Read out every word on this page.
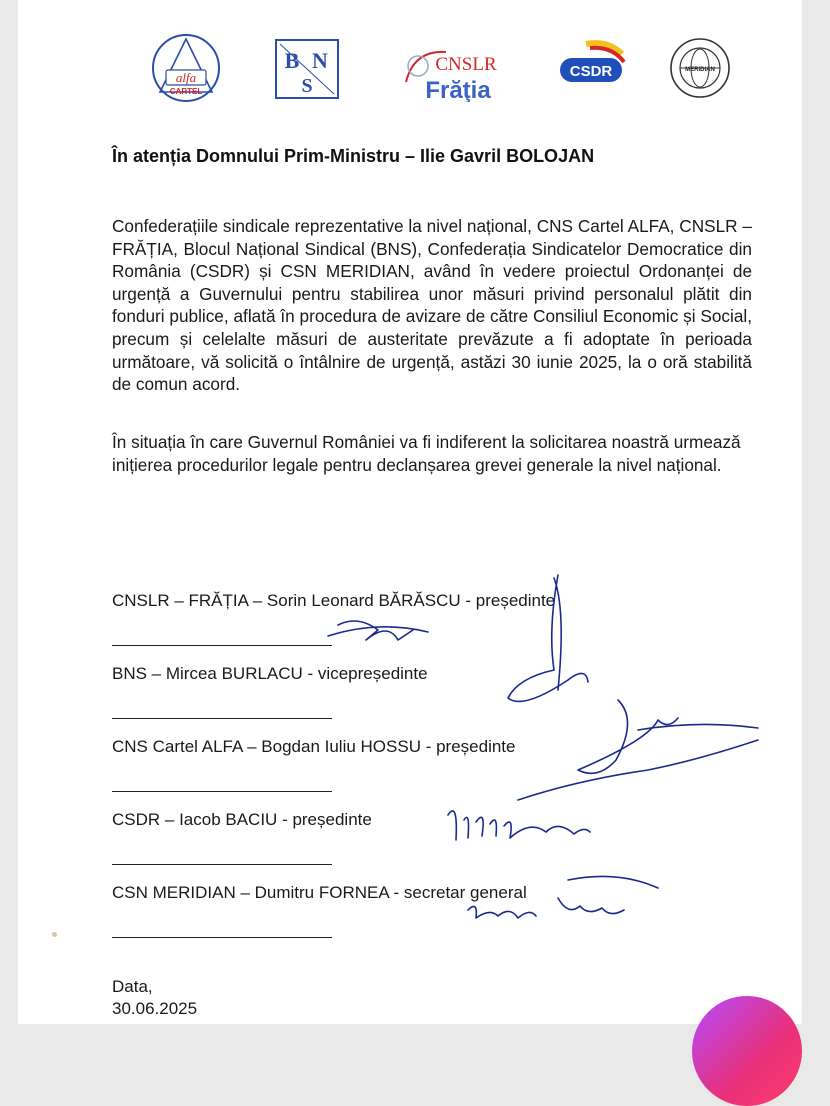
alfa
CARTEL
B N
S
CNSLR
Frăţia
CSDR	MERIDIAN
În atenția Domnului Prim-Ministru – Ilie Gavril BOLOJAN

Confederațiile sindicale reprezentative la nivel național, CNS Cartel ALFA, CNSLR – FRĂȚIA, Blocul Național Sindical (BNS), Confederația Sindicatelor Democratice din România (CSDR) și CSN MERIDIAN, având în vedere proiectul Ordonanței de urgență a Guvernului pentru stabilirea unor măsuri privind personalul plătit din fonduri publice, aflată în procedura de avizare de către Consiliul Economic și Social, precum și celelalte măsuri de austeritate prevăzute a fi adoptate în perioada următoare, vă solicită o întâlnire de urgență, astăzi 30 iunie 2025, la o oră stabilită de comun acord.

În situația în care Guvernul României va fi indiferent la solicitarea noastră urmează inițierea procedurilor legale pentru declanșarea grevei generale la nivel național.

CNSLR – FRĂȚIA – Sorin Leonard BĂRĂSCU - președinte
BNS – Mircea BURLACU - vicepreședinte
CNS Cartel ALFA – Bogdan Iuliu HOSSU - președinte
CSDR – Iacob BACIU - președinte
CSN MERIDIAN – Dumitru FORNEA - secretar general
Data,
30.06.2025
